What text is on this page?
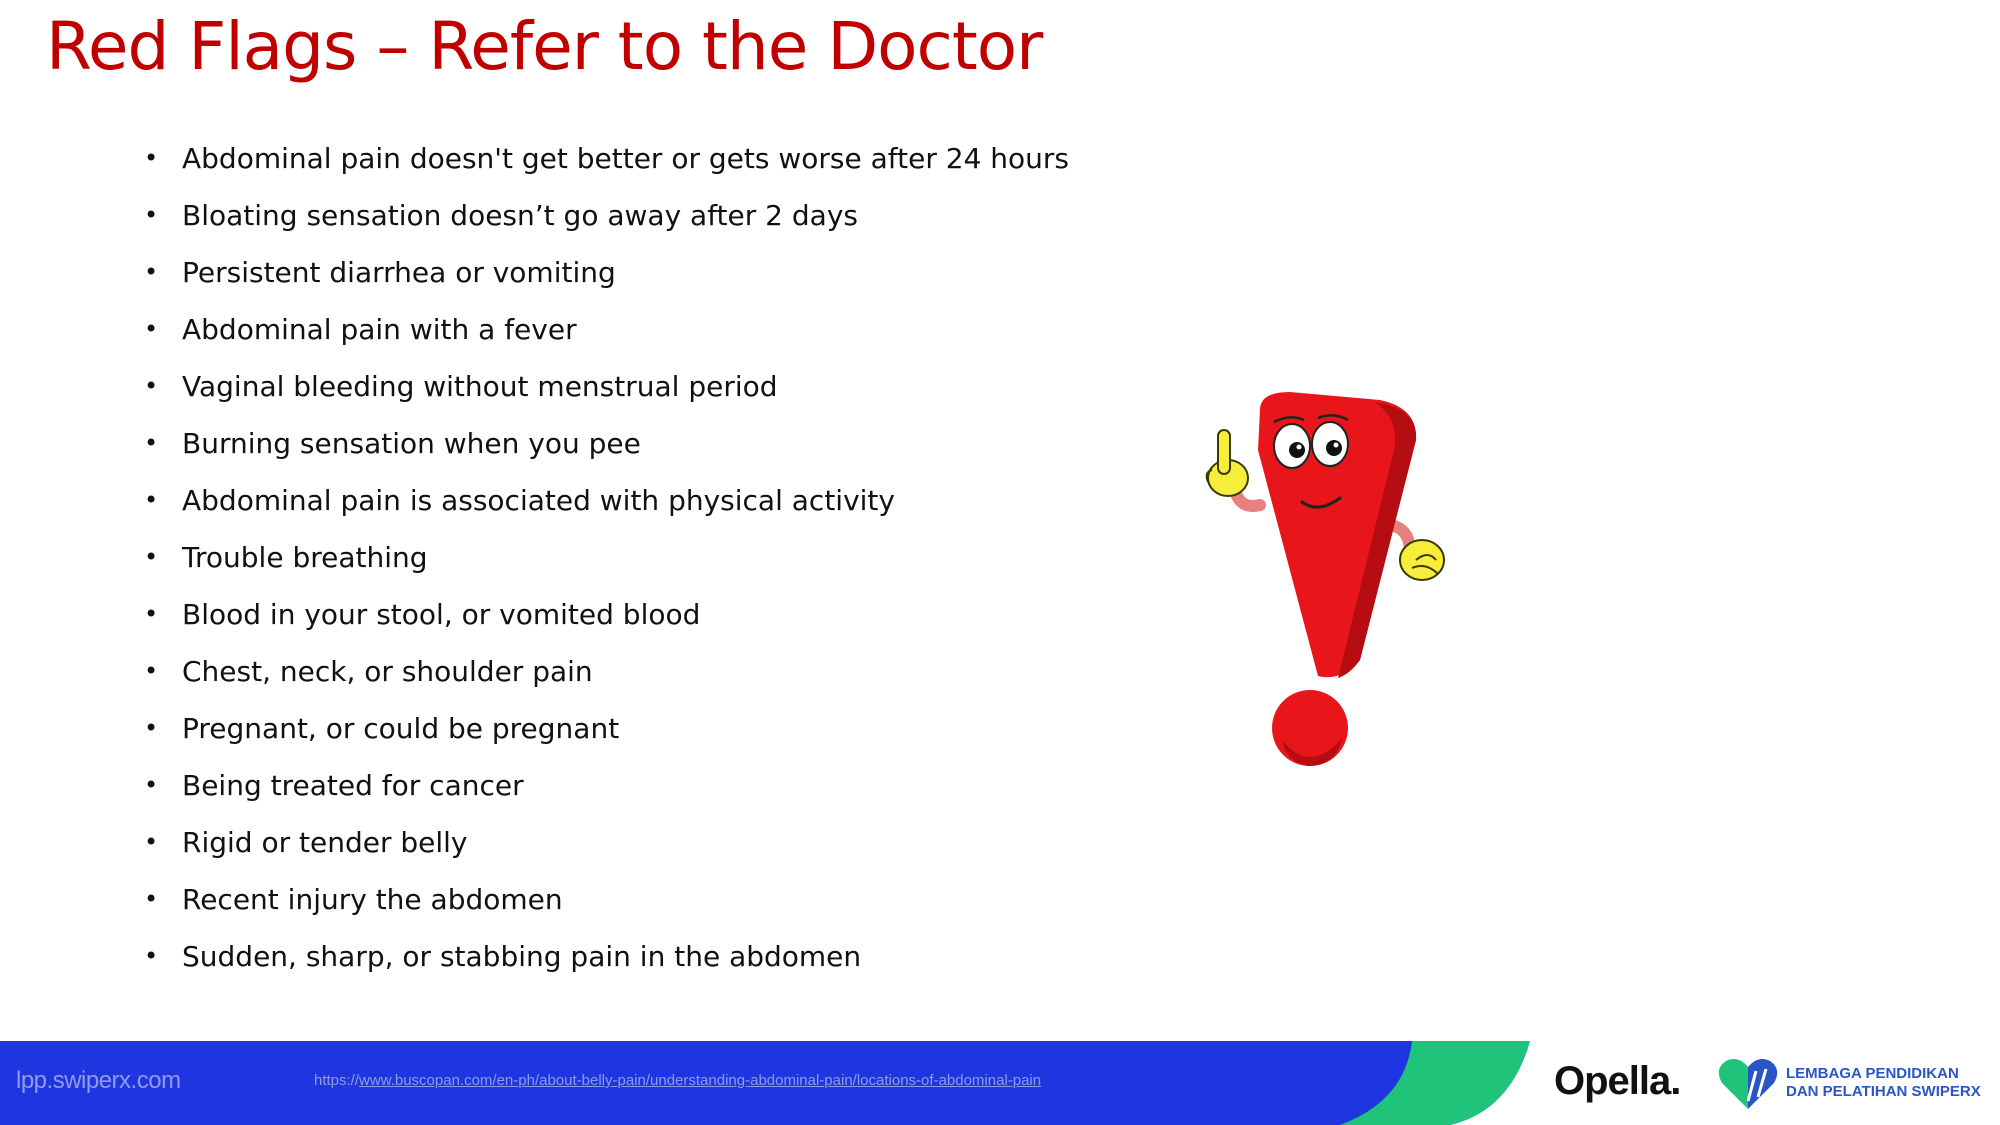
Red Flags – Refer to the Doctor
• Abdominal pain doesn't get better or gets worse after 24 hours
• Bloating sensation doesn’t go away after 2 days
• Persistent diarrhea or vomiting
• Abdominal pain with a fever
• Vaginal bleeding without menstrual period
• Burning sensation when you pee
• Abdominal pain is associated with physical activity
• Trouble breathing
• Blood in your stool, or vomited blood
• Chest, neck, or shoulder pain
• Pregnant, or could be pregnant
• Being treated for cancer
• Rigid or tender belly
• Recent injury the abdomen
• Sudden, sharp, or stabbing pain in the abdomen
lpp.swiperx.com	https://www.buscopan.com/en-ph/about-belly-pain/understanding-abdominal-pain/locations-of-abdominal-pain	Opella.	LEMBAGA PENDIDIKAN
DAN PELATIHAN SWIPERX
